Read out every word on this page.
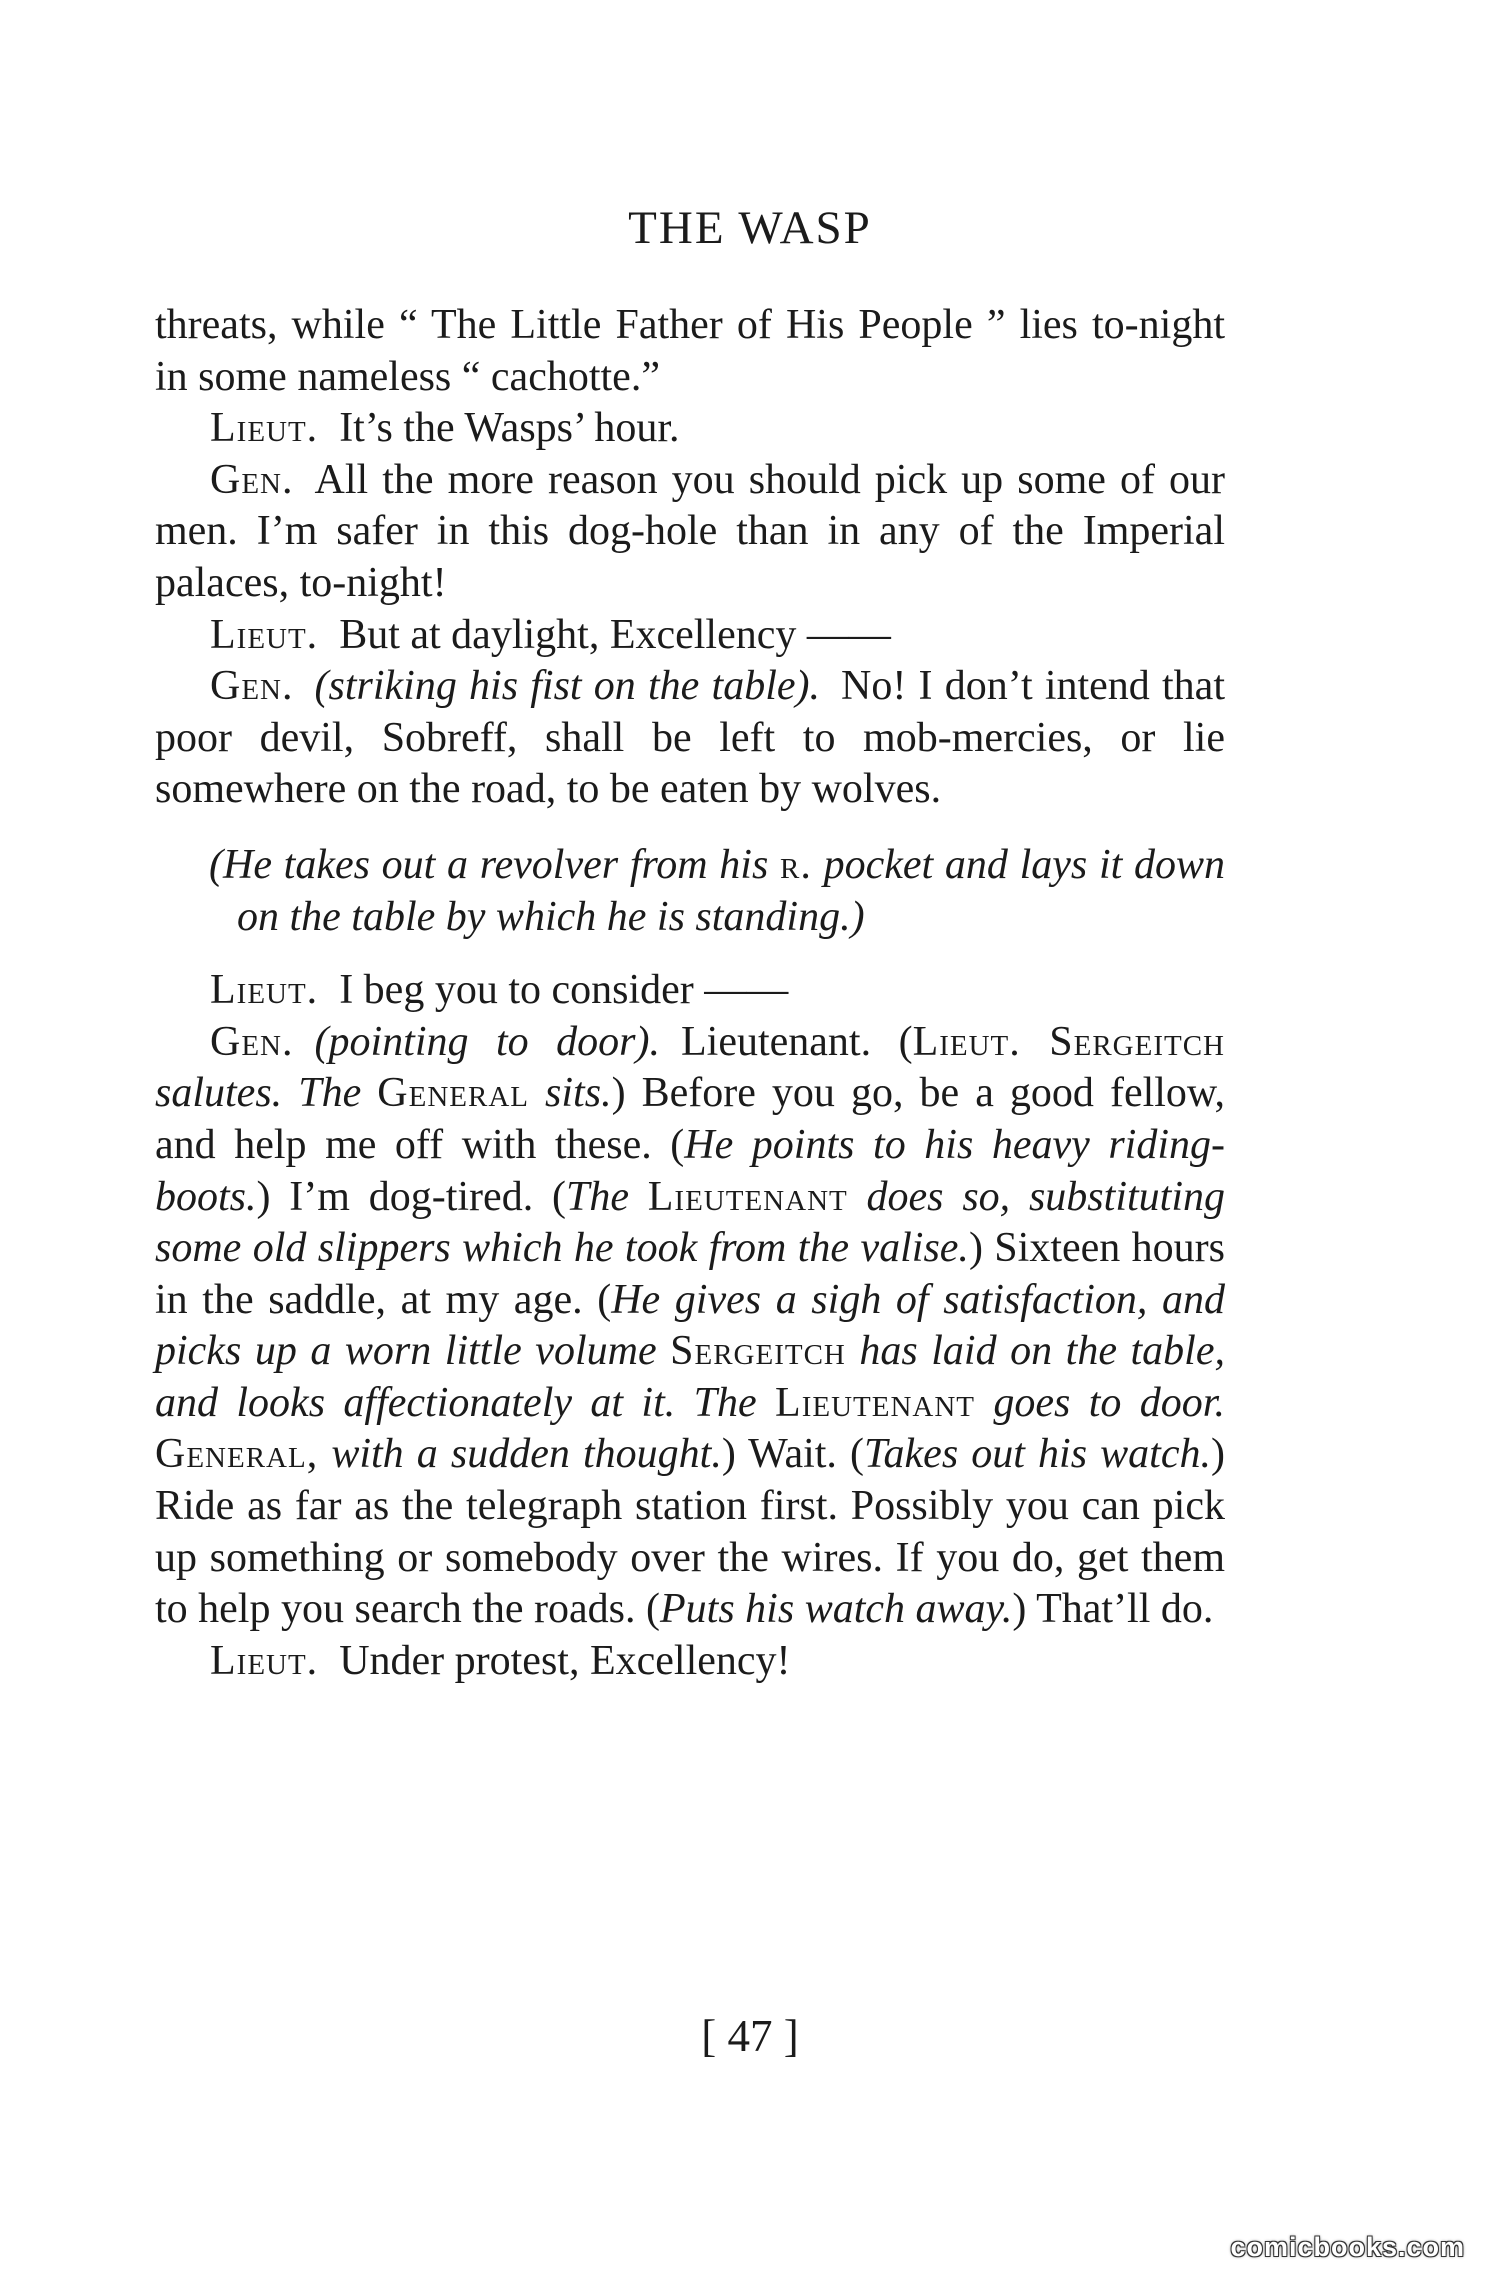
THE WASP

threats, while “ The Little Father of His People ” lies to-night in some nameless “ cachotte.”

Lieut.  It’s the Wasps’ hour.

Gen.  All the more reason you should pick up some of our men. I’m safer in this dog-hole than in any of the Imperial palaces, to-night!

Lieut.  But at daylight, Excellency ——

Gen.  (striking his fist on the table).  No! I don’t intend that poor devil, Sobreff, shall be left to mob-mercies, or lie somewhere on the road, to be eaten by wolves.

(He takes out a revolver from his r. pocket and lays it down on the table by which he is standing.)

Lieut.  I beg you to consider ——

Gen.  (pointing to door).  Lieutenant. (Lieut. Sergeitch salutes. The General sits.) Before you go, be a good fellow, and help me off with these. (He points to his heavy riding-boots.) I’m dog-tired. (The Lieutenant does so, substituting some old slippers which he took from the valise.) Sixteen hours in the saddle, at my age. (He gives a sigh of satisfaction, and picks up a worn little volume Sergeitch has laid on the table, and looks affectionately at it. The Lieutenant goes to door. General, with a sudden thought.) Wait. (Takes out his watch.) Ride as far as the telegraph station first. Possibly you can pick up something or somebody over the wires. If you do, get them to help you search the roads. (Puts his watch away.) That’ll do.

Lieut.  Under protest, Excellency!

[ 47 ]
comicbooks.com
